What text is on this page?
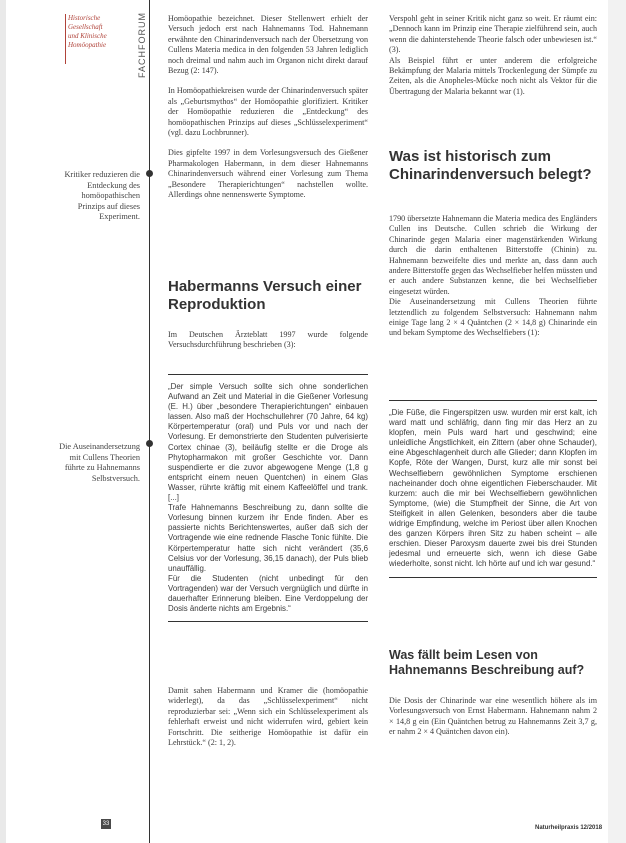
Historische
Gesellschaft
und Klinische
Homöopathie	FACHFORUM
Kritiker reduzieren die Entdeckung des homöopathischen Prinzips auf dieses Experiment.
Die Auseinandersetzung mit Cullens Theorien führte zu Hahnemanns Selbstversuch.

Homöopathie bezeichnet. Dieser Stellenwert erhielt der Versuch jedoch erst nach Hahnemanns Tod. Hahnemann erwähnte den Chinarindenversuch nach der Übersetzung von Cullens Materia medica in den folgenden 53 Jahren lediglich noch dreimal und nahm auch im Organon nicht direkt darauf Bezug (2: 147).

In Homöopathiekreisen wurde der Chinarindenversuch später als „Geburtsmythos“ der Homöopathie glorifiziert. Kritiker der Homöopathie reduzieren die „Entdeckung“ des homöopathischen Prinzips auf dieses „Schlüsselexperiment“ (vgl. dazu Lochbrunner).

Dies gipfelte 1997 in dem Vorlesungsversuch des Gießener Pharmakologen Habermann, in dem dieser Hahnemanns Chinarindenversuch während einer Vorlesung zum Thema „Besondere Therapierichtungen“ nachstellen wollte. Allerdings ohne nennenswerte Symptome.

Habermanns Versuch einer Reproduktion

Im Deutschen Ärzteblatt 1997 wurde folgende Versuchsdurchführung beschrieben (3):

„Der simple Versuch sollte sich ohne sonderlichen Aufwand an Zeit und Material in die Gießener Vorlesung (E. H.) über „besondere Therapierichtungen“ einbauen lassen. Also maß der Hochschullehrer (70 Jahre, 64 kg) Körpertemperatur (oral) und Puls vor und nach der Vorlesung. Er demonstrierte den Studenten pulverisierte Cortex chinae (3), beiläufig stellte er die Droge als Phytopharmakon mit großer Geschichte vor. Dann suspendierte er die zuvor abgewogene Menge (1,8 g entspricht einem neuen Quentchen) in einem Glas Wasser, rührte kräftig mit einem Kaffeelöffel und trank. [...]
Trafe Hahnemanns Beschreibung zu, dann sollte die Vorlesung binnen kurzem ihr Ende finden. Aber es passierte nichts Berichtenswertes, außer daß sich der Vortragende wie eine rednende Flasche Tonic fühlte. Die Körpertemperatur hatte sich nicht verändert (35,6 Celsius vor der Vorlesung, 36,15 danach), der Puls blieb unauffällig.
Für die Studenten (nicht unbedingt für den Vortragenden) war der Versuch vergnüglich und dürfte in dauerhafter Erinnerung bleiben. Eine Verdoppelung der Dosis änderte nichts am Ergebnis.“

Damit sahen Habermann und Kramer die (homöopathie widerlegt), da das „Schlüsselexperiment“ nicht reproduzierbar sei: „Wenn sich ein Schlüsselexperiment als fehlerhaft erweist und nicht widerrufen wird, gebiert kein Fortschritt. Die seitherige Homöopathie ist dafür ein Lehrstück.“ (2: 1, 2).

Verspohl geht in seiner Kritik nicht ganz so weit. Er räumt ein: „Dennoch kann im Prinzip eine Therapie zielführend sein, auch wenn die dahinterstehende Theorie falsch oder unbewiesen ist.“ (3).

Als Beispiel führt er unter anderem die erfolgreiche Bekämpfung der Malaria mittels Trockenlegung der Sümpfe zu Zeiten, als die Anopheles-Mücke noch nicht als Vektor für die Übertragung der Malaria bekannt war (1).

Was ist historisch zum Chinarindenversuch belegt?

1790 übersetzte Hahnemann die Materia medica des Engländers Cullen ins Deutsche. Cullen schrieb die Wirkung der Chinarinde gegen Malaria einer magenstärkenden Wirkung durch die darin enthaltenen Bitterstoffe (Chinin) zu. Hahnemann bezweifelte dies und merkte an, dass dann auch andere Bitterstoffe gegen das Wechselfieber helfen müssten und er auch andere Substanzen kenne, die bei Wechselfieber eingesetzt würden.

Die Auseinandersetzung mit Cullens Theorien führte letztendlich zu folgendem Selbstversuch: Hahnemann nahm einige Tage lang 2 × 4 Quäntchen (2 × 14,8 g) Chinarinde ein und bekam Symptome des Wechselfiebers (1):

„Die Füße, die Fingerspitzen usw. wurden mir erst kalt, ich ward matt und schläfrig, dann fing mir das Herz an zu klopfen, mein Puls ward hart und geschwind; eine unleidliche Ängstlichkeit, ein Zittern (aber ohne Schauder), eine Abgeschlagenheit durch alle Glieder; dann Klopfen im Kopfe, Röte der Wangen, Durst, kurz alle mir sonst bei Wechselfiebern gewöhnlichen Symptome erschienen nacheinander doch ohne eigentlichen Fieberschauder. Mit kurzem: auch die mir bei Wechselfiebern gewöhnlichen Symptome, (wie) die Stumpfheit der Sinne, die Art von Steifigkeit in allen Gelenken, besonders aber die taube widrige Empfindung, welche im Periost über allen Knochen des ganzen Körpers ihren Sitz zu haben scheint – alle erschien. Dieser Paroxysm dauerte zwei bis drei Stunden jedesmal und erneuerte sich, wenn ich diese Gabe wiederholte, sonst nicht. Ich hörte auf und ich war gesund.“
Was fällt beim Lesen von Hahnemanns Beschreibung auf?

Die Dosis der Chinarinde war eine wesentlich höhere als im Vorlesungsversuch von Ernst Habermann. Hahnemann nahm 2 × 14,8 g ein (Ein Quäntchen betrug zu Hahnemanns Zeit 3,7 g, er nahm 2 × 4 Quäntchen davon ein).

33
Naturheilpraxis 12/2018
